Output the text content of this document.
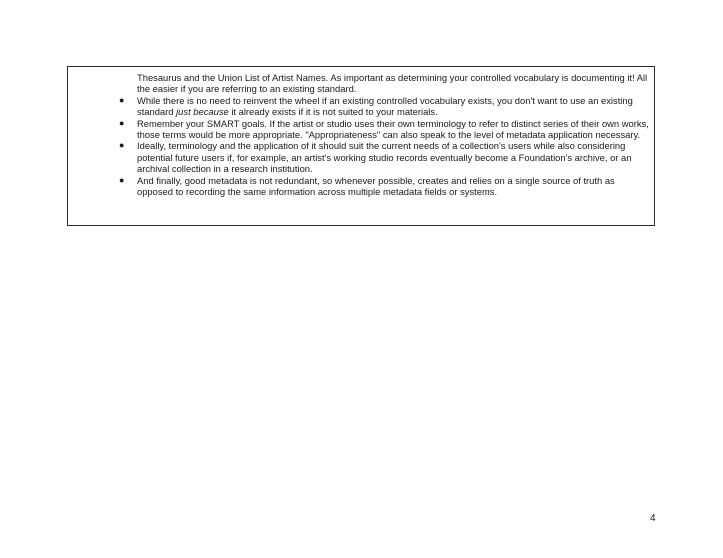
Thesaurus and the Union List of Artist Names. As important as determining your controlled vocabulary is documenting it! All the easier if you are referring to an existing standard.
● While there is no need to reinvent the wheel if an existing controlled vocabulary exists, you don't want to use an existing standard just because it already exists if it is not suited to your materials.
● Remember your SMART goals. If the artist or studio uses their own terminology to refer to distinct series of their own works, those terms would be more appropriate. "Appropriateness" can also speak to the level of metadata application necessary.
● Ideally, terminology and the application of it should suit the current needs of a collection's users while also considering potential future users if, for example, an artist's working studio records eventually become a Foundation's archive, or an archival collection in a research institution.
● And finally, good metadata is not redundant, so whenever possible, creates and relies on a single source of truth as opposed to recording the same information across multiple metadata fields or systems.
4
